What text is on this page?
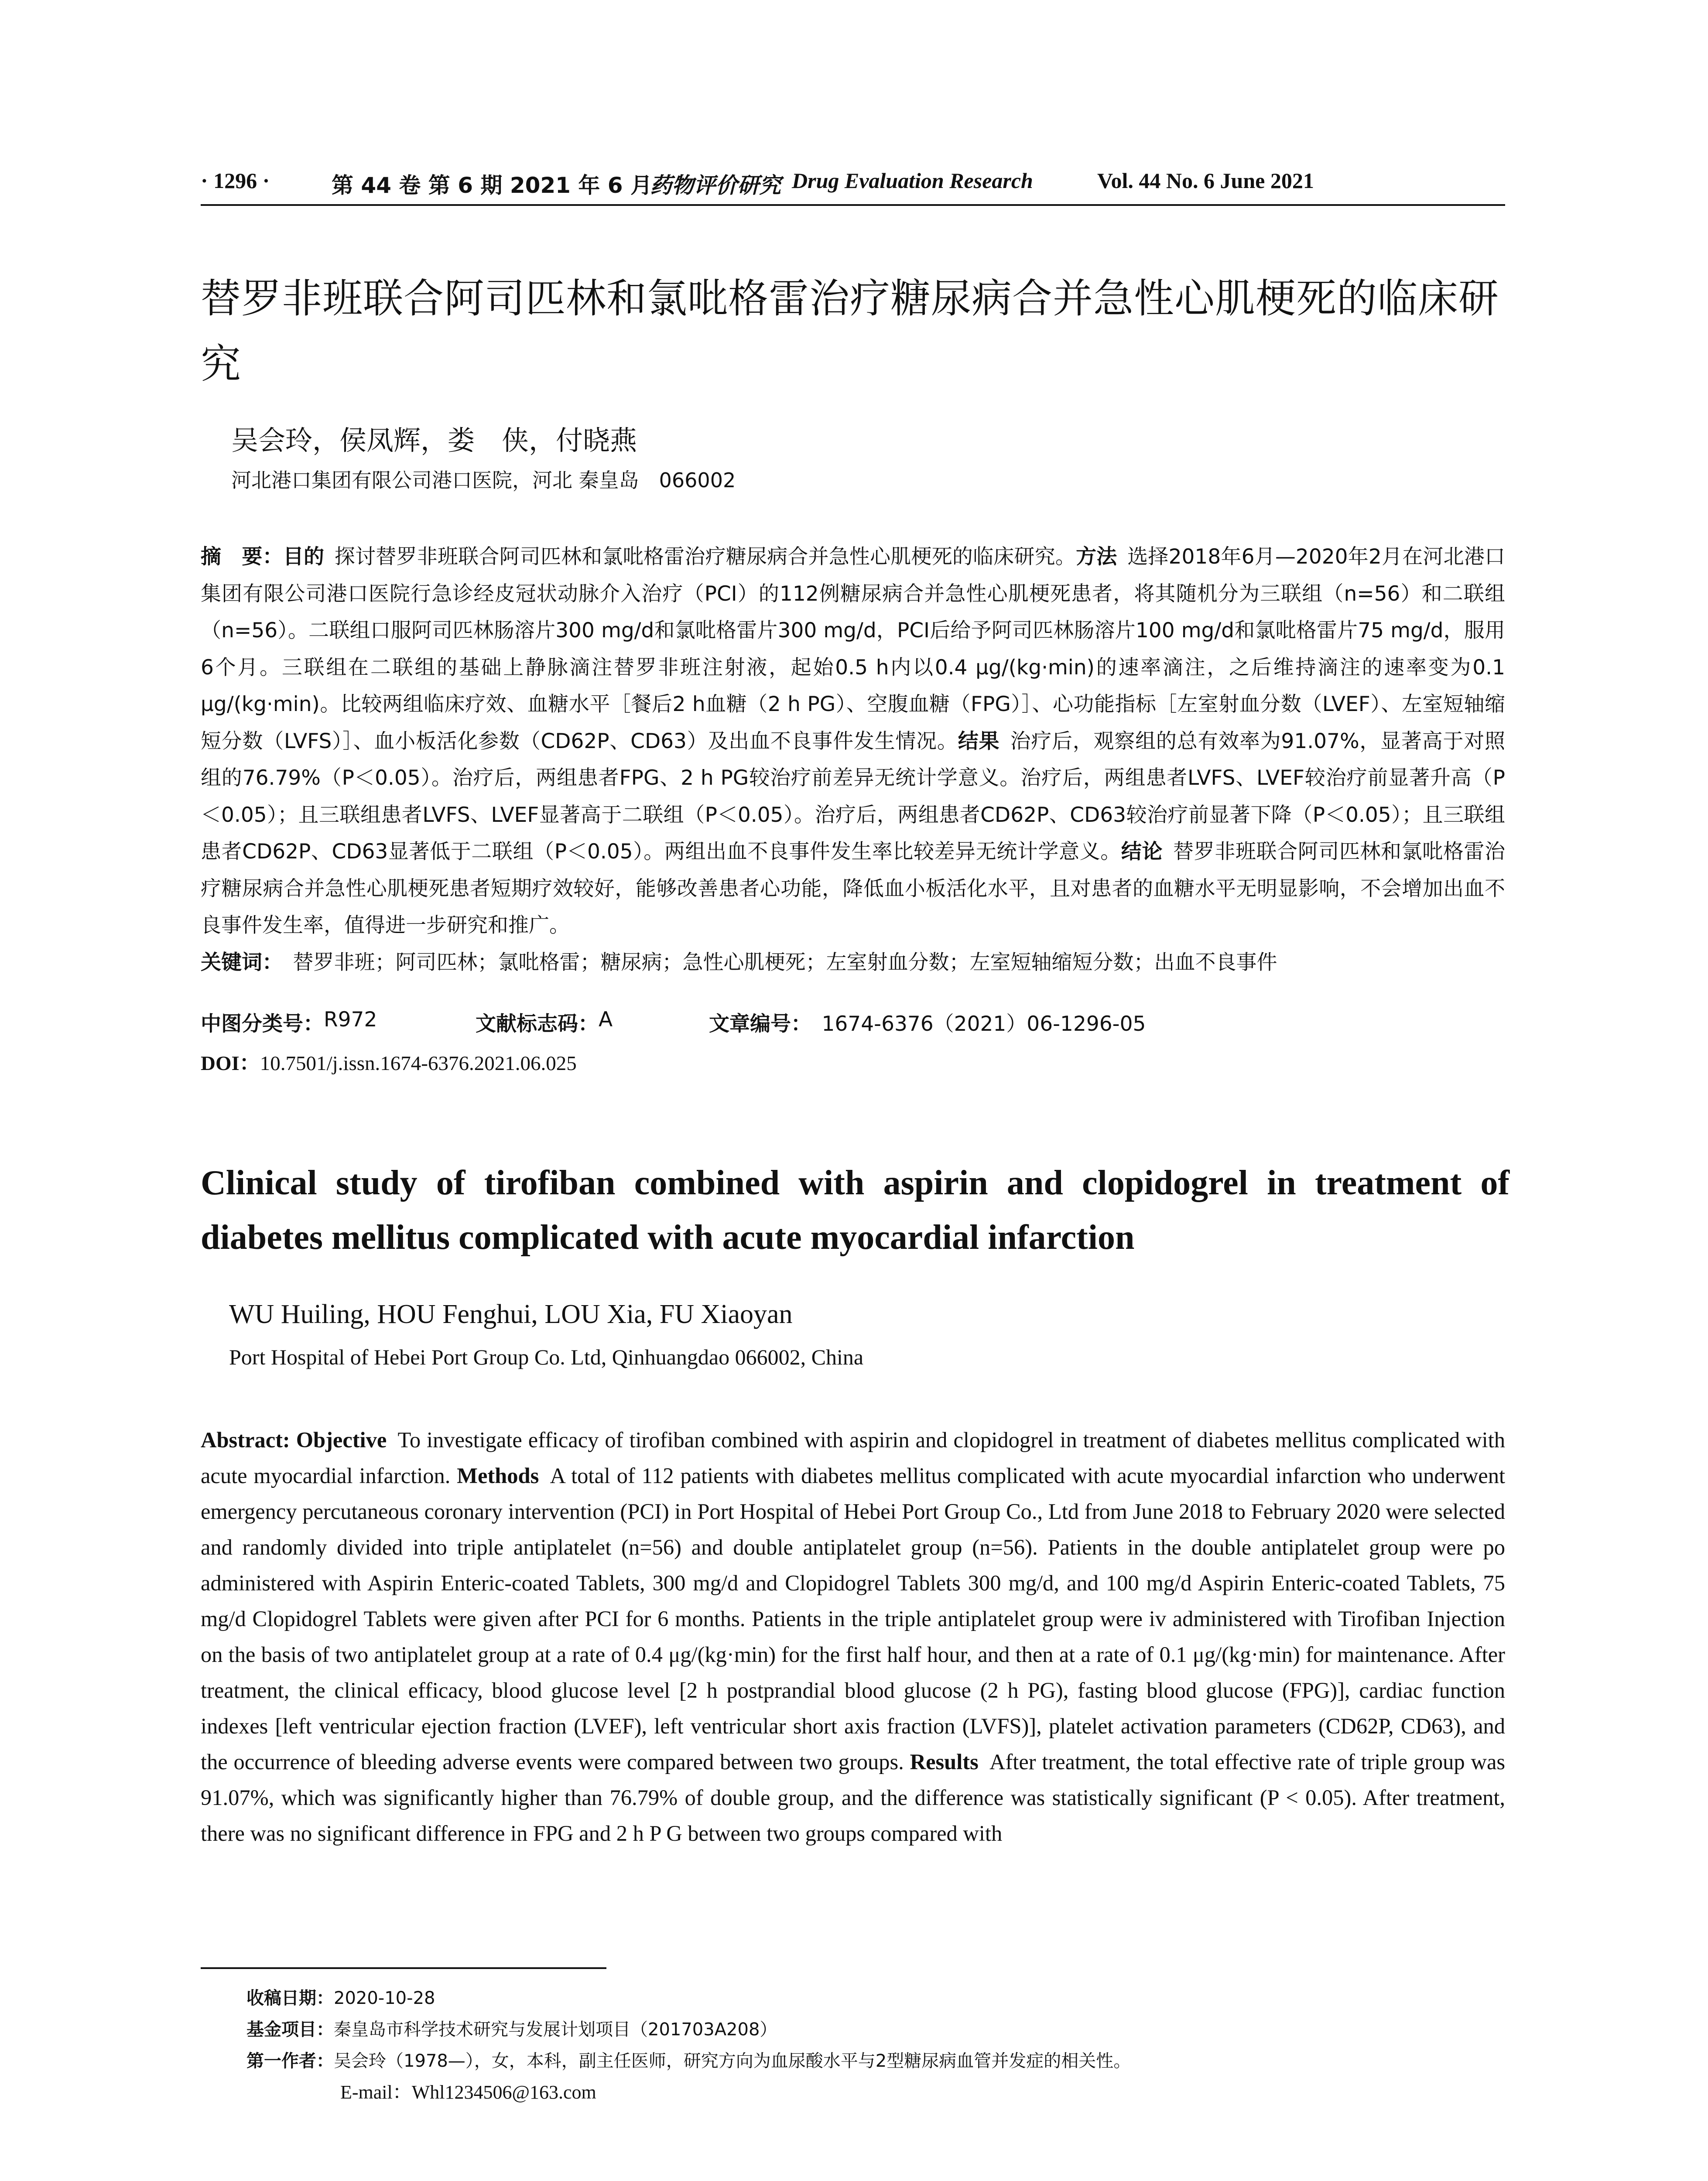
· 1296 ·	第 44 卷 第 6 期 2021 年 6 月
药物评价研究 Drug Evaluation Research	Vol. 44 No. 6 June 2021
替罗非班联合阿司匹林和氯吡格雷治疗糖尿病合并急性心肌梗死的临床研究
吴会玲，侯凤辉，娄　侠，付晓燕
河北港口集团有限公司港口医院，河北 秦皇岛　066002
摘　要：目的  探讨替罗非班联合阿司匹林和氯吡格雷治疗糖尿病合并急性心肌梗死的临床研究。方法  选择2018年6月—2020年2月在河北港口集团有限公司港口医院行急诊经皮冠状动脉介入治疗（PCI）的112例糖尿病合并急性心肌梗死患者，将其随机分为三联组（n=56）和二联组（n=56）。二联组口服阿司匹林肠溶片300 mg/d和氯吡格雷片300 mg/d，PCI后给予阿司匹林肠溶片100 mg/d和氯吡格雷片75 mg/d，服用6个月。三联组在二联组的基础上静脉滴注替罗非班注射液，起始0.5 h内以0.4 μg/(kg·min)的速率滴注，之后维持滴注的速率变为0.1 μg/(kg·min)。比较两组临床疗效、血糖水平［餐后2 h血糖（2 h PG）、空腹血糖（FPG）］、心功能指标［左室射血分数（LVEF）、左室短轴缩短分数（LVFS）］、血小板活化参数（CD62P、CD63）及出血不良事件发生情况。结果  治疗后，观察组的总有效率为91.07%，显著高于对照组的76.79%（P＜0.05）。治疗后，两组患者FPG、2 h PG较治疗前差异无统计学意义。治疗后，两组患者LVFS、LVEF较治疗前显著升高（P＜0.05）；且三联组患者LVFS、LVEF显著高于二联组（P＜0.05）。治疗后，两组患者CD62P、CD63较治疗前显著下降（P＜0.05）；且三联组患者CD62P、CD63显著低于二联组（P＜0.05）。两组出血不良事件发生率比较差异无统计学意义。结论  替罗非班联合阿司匹林和氯吡格雷治疗糖尿病合并急性心肌梗死患者短期疗效较好，能够改善患者心功能，降低血小板活化水平，且对患者的血糖水平无明显影响，不会增加出血不良事件发生率，值得进一步研究和推广。
关键词：  替罗非班；阿司匹林；氯吡格雷；糖尿病；急性心肌梗死；左室射血分数；左室短轴缩短分数；出血不良事件
中图分类号： R972	文献标志码： A	文章编号：  1674-6376（2021）06-1296-05
DOI：10.7501/j.issn.1674-6376.2021.06.025
Clinical study of tirofiban combined with aspirin and clopidogrel in treatment of diabetes mellitus complicated with acute myocardial infarction
WU Huiling, HOU Fenghui, LOU Xia, FU Xiaoyan
Port Hospital of Hebei Port Group Co. Ltd, Qinhuangdao 066002, China
Abstract: Objective  To investigate efficacy of tirofiban combined with aspirin and clopidogrel in treatment of diabetes mellitus complicated with acute myocardial infarction. Methods  A total of 112 patients with diabetes mellitus complicated with acute myocardial infarction who underwent emergency percutaneous coronary intervention (PCI) in Port Hospital of Hebei Port Group Co., Ltd from June 2018 to February 2020 were selected and randomly divided into triple antiplatelet (n=56) and double antiplatelet group (n=56). Patients in the double antiplatelet group were po administered with Aspirin Enteric-coated Tablets, 300 mg/d and Clopidogrel Tablets 300 mg/d, and 100 mg/d Aspirin Enteric-coated Tablets, 75 mg/d Clopidogrel Tablets were given after PCI for 6 months. Patients in the triple antiplatelet group were iv administered with Tirofiban Injection on the basis of two antiplatelet group at a rate of 0.4 μg/(kg·min) for the first half hour, and then at a rate of 0.1 μg/(kg·min) for maintenance. After treatment, the clinical efficacy, blood glucose level [2 h postprandial blood glucose (2 h PG), fasting blood glucose (FPG)], cardiac function indexes [left ventricular ejection fraction (LVEF), left ventricular short axis fraction (LVFS)], platelet activation parameters (CD62P, CD63), and the occurrence of bleeding adverse events were compared between two groups. Results  After treatment, the total effective rate of triple group was 91.07%, which was significantly higher than 76.79% of double group, and the difference was statistically significant (P < 0.05). After treatment, there was no significant difference in FPG and 2 h P G between two groups compared with
收稿日期：2020-10-28
基金项目：秦皇岛市科学技术研究与发展计划项目（201703A208）
第一作者：吴会玲（1978—），女，本科，副主任医师，研究方向为血尿酸水平与2型糖尿病血管并发症的相关性。
E-mail：Whl1234506@163.com
